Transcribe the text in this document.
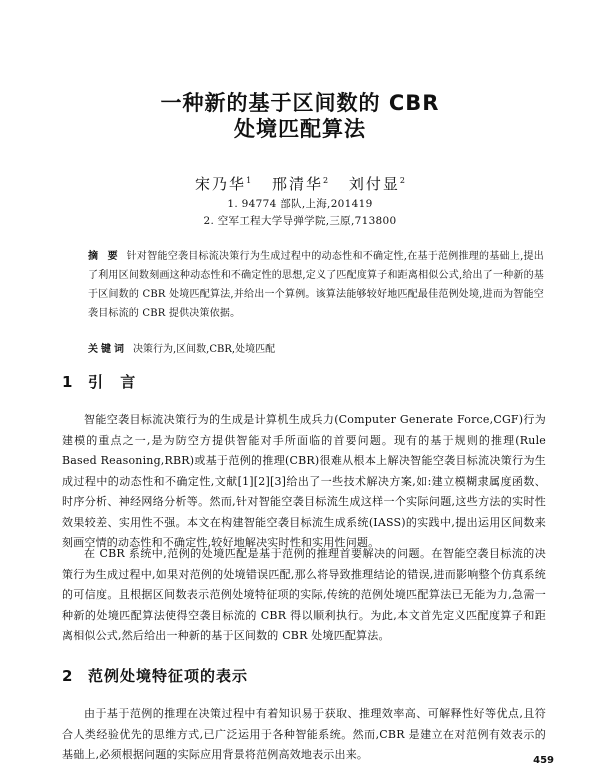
一种新的基于区间数的 CBR
处境匹配算法
宋乃华$^1$ 邢清华$^2$ 刘付显$^2$
1. 94774 部队,上海,201419
2. 空军工程大学导弹学院,三原,713800
摘 要 针对智能空袭目标流决策行为生成过程中的动态性和不确定性,在基于范例推理的基础上,提出了利用区间数刻画这种动态性和不确定性的思想,定义了匹配度算子和距离相似公式,给出了一种新的基于区间数的 CBR 处境匹配算法,并给出一个算例。该算法能够较好地匹配最佳范例处境,进而为智能空袭目标流的 CBR 提供决策依据。
关键词 决策行为,区间数,CBR,处境匹配
1 引 言
智能空袭目标流决策行为的生成是计算机生成兵力(Computer Generate Force,CGF)行为建模的重点之一,是为防空方提供智能对手所面临的首要问题。现有的基于规则的推理(Rule Based Reasoning,RBR)或基于范例的推理(CBR)很难从根本上解决智能空袭目标流决策行为生成过程中的动态性和不确定性,文献[1][2][3]给出了一些技术解决方案,如:建立模糊隶属度函数、时序分析、神经网络分析等。然而,针对智能空袭目标流生成这样一个实际问题,这些方法的实时性效果较差、实用性不强。本文在构建智能空袭目标流生成系统(IASS)的实践中,提出运用区间数来刻画空情的动态性和不确定性,较好地解决实时性和实用性问题。
在 CBR 系统中,范例的处境匹配是基于范例的推理首要解决的问题。在智能空袭目标流的决策行为生成过程中,如果对范例的处境错误匹配,那么将导致推理结论的错误,进而影响整个仿真系统的可信度。且根据区间数表示范例处境特征项的实际,传统的范例处境匹配算法已无能为力,急需一种新的处境匹配算法使得空袭目标流的 CBR 得以顺利执行。为此,本文首先定义匹配度算子和距离相似公式,然后给出一种新的基于区间数的 CBR 处境匹配算法。
2 范例处境特征项的表示
由于基于范例的推理在决策过程中有着知识易于获取、推理效率高、可解释性好等优点,且符合人类经验优先的思维方式,已广泛运用于各种智能系统。然而,CBR 是建立在对范例有效表示的基础上,必须根据问题的实际应用背景将范例高效地表示出来。	459
